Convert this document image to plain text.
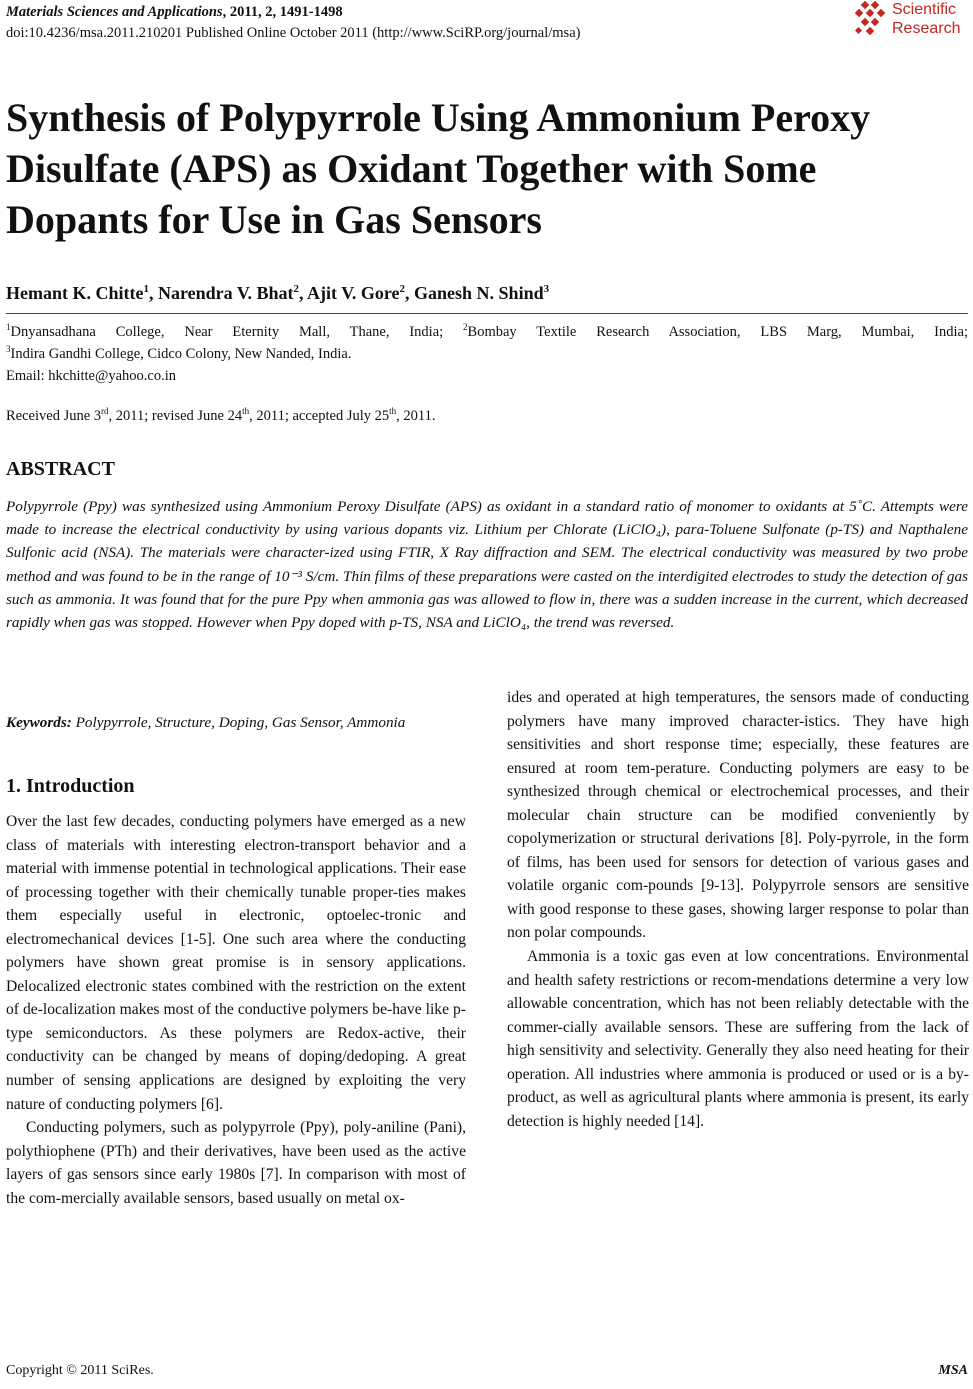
Materials Sciences and Applications, 2011, 2, 1491-1498
doi:10.4236/msa.2011.210201 Published Online October 2011 (http://www.SciRP.org/journal/msa)
Scientific
Research
Synthesis of Polypyrrole Using Ammonium Peroxy Disulfate (APS) as Oxidant Together with Some Dopants for Use in Gas Sensors
Hemant K. Chitte$^1$, Narendra V. Bhat$^2$, Ajit V. Gore$^2$, Ganesh N. Shind$^3$
$^1$Dnyansadhana College, Near Eternity Mall, Thane, India; $^2$Bombay Textile Research Association, LBS Marg, Mumbai, India;
$^3$Indira Gandhi College, Cidco Colony, New Nanded, India.
Email: hkchitte@yahoo.co.in
Received June 3rd, 2011; revised June 24th, 2011; accepted July 25th, 2011.
ABSTRACT

Polypyrrole (Ppy) was synthesized using Ammonium Peroxy Disulfate (APS) as oxidant in a standard ratio of monomer to oxidants at 5˚C. Attempts were made to increase the electrical conductivity by using various dopants viz. Lithium per Chlorate (LiClO₄), para-Toluene Sulfonate (p-TS) and Napthalene Sulfonic acid (NSA). The materials were character-ized using FTIR, X Ray diffraction and SEM. The electrical conductivity was measured by two probe method and was found to be in the range of 10⁻³ S/cm. Thin films of these preparations were casted on the interdigited electrodes to study the detection of gas such as ammonia. It was found that for the pure Ppy when ammonia gas was allowed to flow in, there was a sudden increase in the current, which decreased rapidly when gas was stopped. However when Ppy doped with p-TS, NSA and LiClO₄, the trend was reversed.

Keywords: Polypyrrole, Structure, Doping, Gas Sensor, Ammonia
1. Introduction

Over the last few decades, conducting polymers have emerged as a new class of materials with interesting electron-transport behavior and a material with immense potential in technological applications. Their ease of processing together with their chemically tunable proper-ties makes them especially useful in electronic, optoelec-tronic and electromechanical devices [1-5]. One such area where the conducting polymers have shown great promise is in sensory applications. Delocalized electronic states combined with the restriction on the extent of de-localization makes most of the conductive polymers be-have like p-type semiconductors. As these polymers are Redox-active, their conductivity can be changed by means of doping/dedoping. A great number of sensing applications are designed by exploiting the very nature of conducting polymers [6].

Conducting polymers, such as polypyrrole (Ppy), poly-aniline (Pani), polythiophene (PTh) and their derivatives, have been used as the active layers of gas sensors since early 1980s [7]. In comparison with most of the com-mercially available sensors, based usually on metal ox-

ides and operated at high temperatures, the sensors made of conducting polymers have many improved character-istics. They have high sensitivities and short response time; especially, these features are ensured at room tem-perature. Conducting polymers are easy to be synthesized through chemical or electrochemical processes, and their molecular chain structure can be modified conveniently by copolymerization or structural derivations [8]. Poly-pyrrole, in the form of films, has been used for sensors for detection of various gases and volatile organic com-pounds [9-13]. Polypyrrole sensors are sensitive with good response to these gases, showing larger response to polar than non polar compounds.

Ammonia is a toxic gas even at low concentrations. Environmental and health safety restrictions or recom-mendations determine a very low allowable concentration, which has not been reliably detectable with the commer-cially available sensors. These are suffering from the lack of high sensitivity and selectivity. Generally they also need heating for their operation. All industries where ammonia is produced or used or is a by-product, as well as agricultural plants where ammonia is present, its early detection is highly needed [14].

Copyright © 2011 SciRes.	MSA
